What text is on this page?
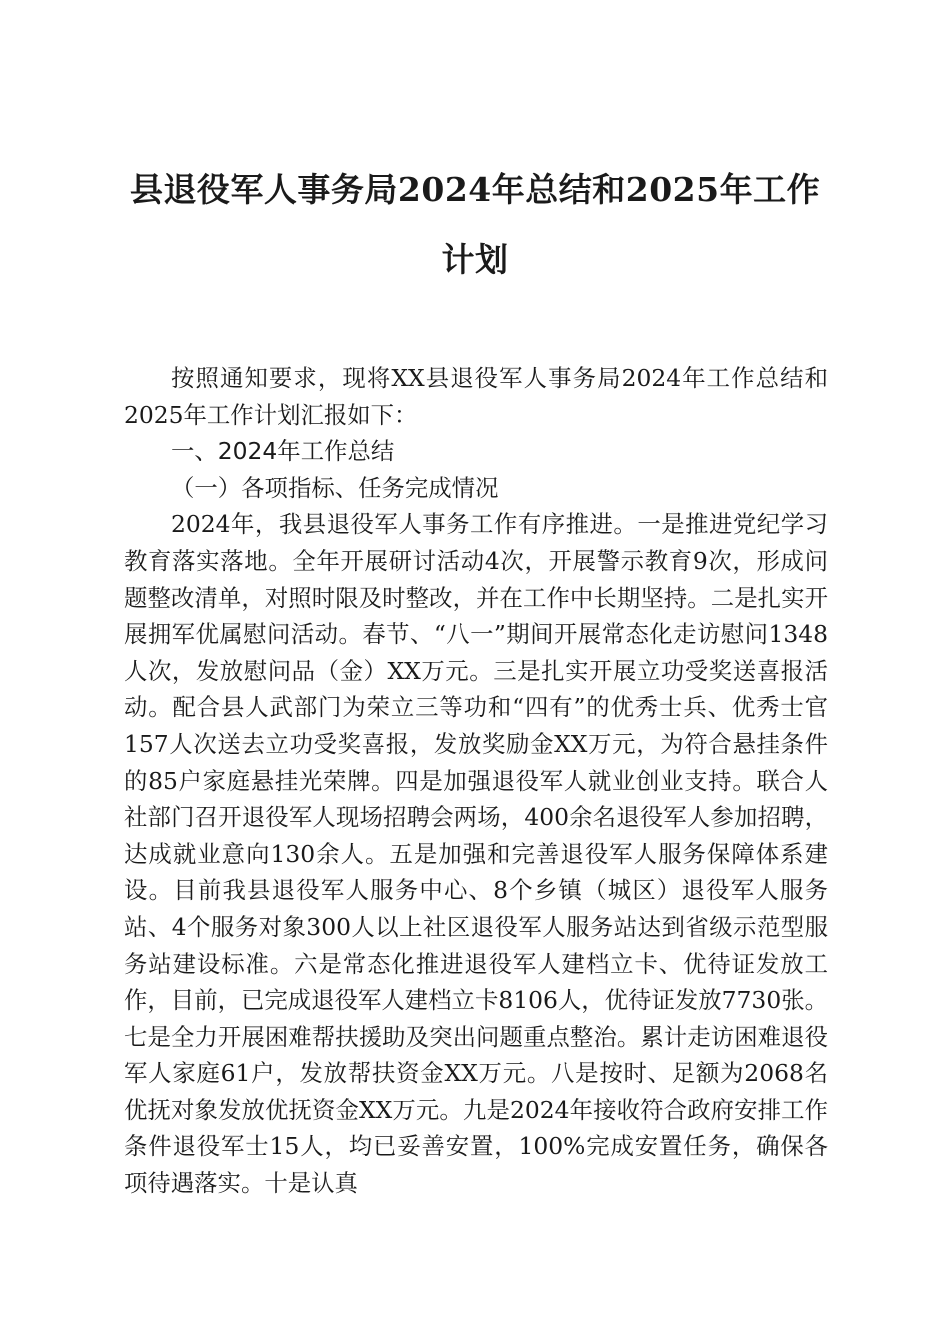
县退役军人事务局2024年总结和2025年工作
计划

按照通知要求，现将XX县退役军人事务局2024年工作总结和2025年工作计划汇报如下：

一、2024年工作总结

（一）各项指标、任务完成情况

2024年，我县退役军人事务工作有序推进。一是推进党纪学习教育落实落地。全年开展研讨活动4次，开展警示教育9次，形成问题整改清单，对照时限及时整改，并在工作中长期坚持。二是扎实开展拥军优属慰问活动。春节、“八一”期间开展常态化走访慰问1348人次，发放慰问品（金）XX万元。三是扎实开展立功受奖送喜报活动。配合县人武部门为荣立三等功和“四有”的优秀士兵、优秀士官157人次送去立功受奖喜报，发放奖励金XX万元，为符合悬挂条件的85户家庭悬挂光荣牌。四是加强退役军人就业创业支持。联合人社部门召开退役军人现场招聘会两场，400余名退役军人参加招聘，达成就业意向130余人。五是加强和完善退役军人服务保障体系建设。目前我县退役军人服务中心、8个乡镇（城区）退役军人服务站、4个服务对象300人以上社区退役军人服务站达到省级示范型服务站建设标准。六是常态化推进退役军人建档立卡、优待证发放工作，目前，已完成退役军人建档立卡8106人，优待证发放7730张。七是全力开展困难帮扶援助及突出问题重点整治。累计走访困难退役军人家庭61户，发放帮扶资金XX万元。八是按时、足额为2068名优抚对象发放优抚资金XX万元。九是2024年接收符合政府安排工作条件退役军士15人，均已妥善安置，100%完成安置任务，确保各项待遇落实。十是认真
